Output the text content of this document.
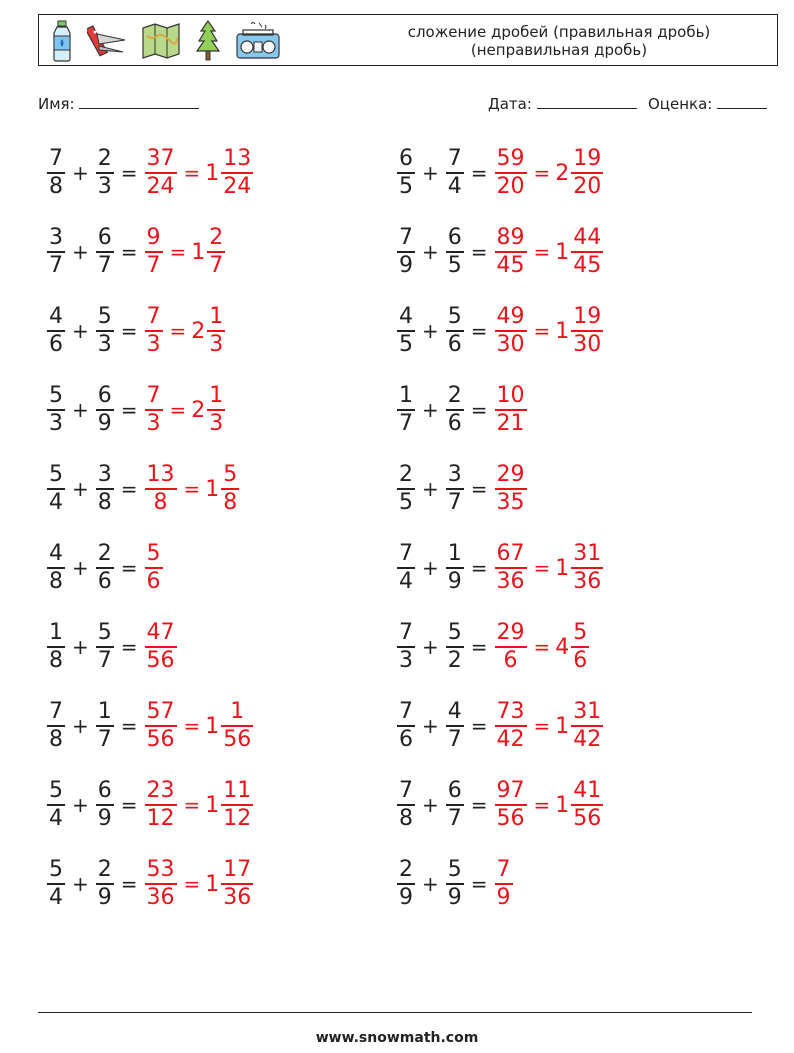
сложение дробей (правильная дробь)
(неправильная дробь)
Имя:	Дата:	Оценка:
$\frac{7}{8} + \frac{2}{3} = \frac{37}{24} = 1 \frac{13}{24}$	$\frac{6}{5} + \frac{7}{4} = \frac{59}{20} = 2 \frac{19}{20}$
$\frac{3}{7} + \frac{6}{7} = \frac{9}{7} = 1 \frac{2}{7}$	$\frac{7}{9} + \frac{6}{5} = \frac{89}{45} = 1 \frac{44}{45}$
$\frac{4}{6} + \frac{5}{3} = \frac{7}{3} = 2 \frac{1}{3}$	$\frac{4}{5} + \frac{5}{6} = \frac{49}{30} = 1 \frac{19}{30}$
$\frac{5}{3} + \frac{6}{9} = \frac{7}{3} = 2 \frac{1}{3}$	$\frac{1}{7} + \frac{2}{6} = \frac{10}{21}$
$\frac{5}{4} + \frac{3}{8} = \frac{13}{8} = 1 \frac{5}{8}$	$\frac{2}{5} + \frac{3}{7} = \frac{29}{35}$
$\frac{4}{8} + \frac{2}{6} = \frac{5}{6}$	$\frac{7}{4} + \frac{1}{9} = \frac{67}{36} = 1 \frac{31}{36}$
$\frac{1}{8} + \frac{5}{7} = \frac{47}{56}$	$\frac{7}{3} + \frac{5}{2} = \frac{29}{6} = 4 \frac{5}{6}$
$\frac{7}{8} + \frac{1}{7} = \frac{57}{56} = 1 \frac{1}{56}$	$\frac{7}{6} + \frac{4}{7} = \frac{73}{42} = 1 \frac{31}{42}$
$\frac{5}{4} + \frac{6}{9} = \frac{23}{12} = 1 \frac{11}{12}$	$\frac{7}{8} + \frac{6}{7} = \frac{97}{56} = 1 \frac{41}{56}$
$\frac{5}{4} + \frac{2}{9} = \frac{53}{36} = 1 \frac{17}{36}$	$\frac{2}{9} + \frac{5}{9} = \frac{7}{9}$
www.snowmath.com
